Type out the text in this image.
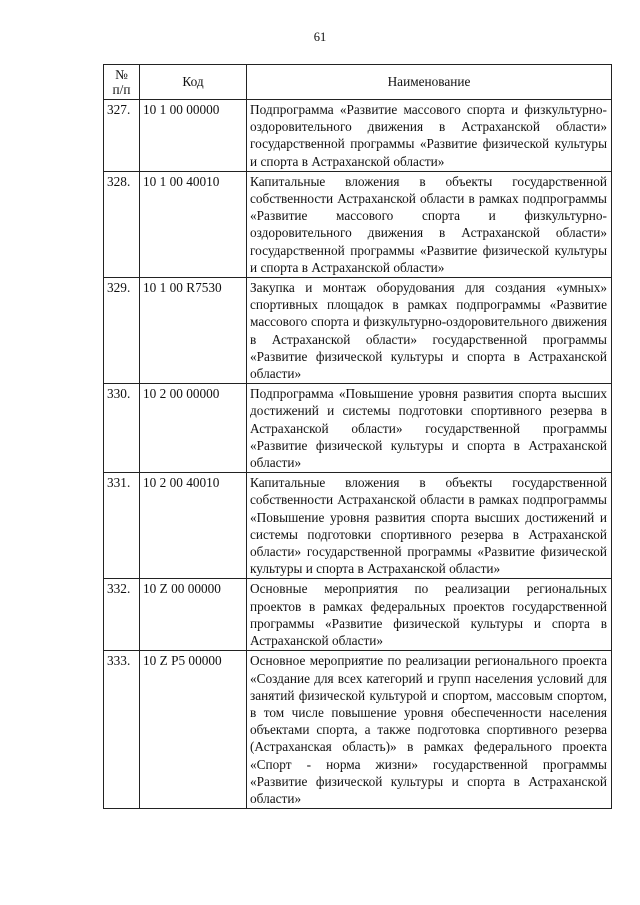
61
№
п/п	Код	Наименование
327.	10 1 00 00000	Подпрограмма «Развитие массового спорта и физкультурно-оздоровительного движения в Астраханской области» государственной программы «Развитие физической культуры и спорта в Астраханской области»
328.	10 1 00 40010	Капитальные вложения в объекты государственной собственности Астраханской области в рамках подпрограммы «Развитие массового спорта и физкультурно-оздоровительного движения в Астраханской области» государственной программы «Развитие физической культуры и спорта в Астраханской области»
329.	10 1 00 R7530	Закупка и монтаж оборудования для создания «умных» спортивных площадок в рамках подпрограммы «Развитие массового спорта и физкультурно-оздоровительного движения в Астраханской области» государственной программы «Развитие физической культуры и спорта в Астраханской области»
330.	10 2 00 00000	Подпрограмма «Повышение уровня развития спорта высших достижений и системы подготовки спортивного резерва в Астраханской области» государственной программы «Развитие физической культуры и спорта в Астраханской области»
331.	10 2 00 40010	Капитальные вложения в объекты государственной собственности Астраханской области в рамках подпрограммы «Повышение уровня развития спорта высших достижений и системы подготовки спортивного резерва в Астраханской области» государственной программы «Развитие физической культуры и спорта в Астраханской области»
332.	10 Z 00 00000	Основные мероприятия по реализации региональных проектов в рамках федеральных проектов государственной программы «Развитие физической культуры и спорта в Астраханской области»
333.	10 Z P5 00000	Основное мероприятие по реализации регионального проекта «Создание для всех категорий и групп населения условий для занятий физической культурой и спортом, массовым спортом, в том числе повышение уровня обеспеченности населения объектами спорта, а также подготовка спортивного резерва (Астраханская область)» в рамках федерального проекта «Спорт - норма жизни» государственной программы «Развитие физической культуры и спорта в Астраханской области»
